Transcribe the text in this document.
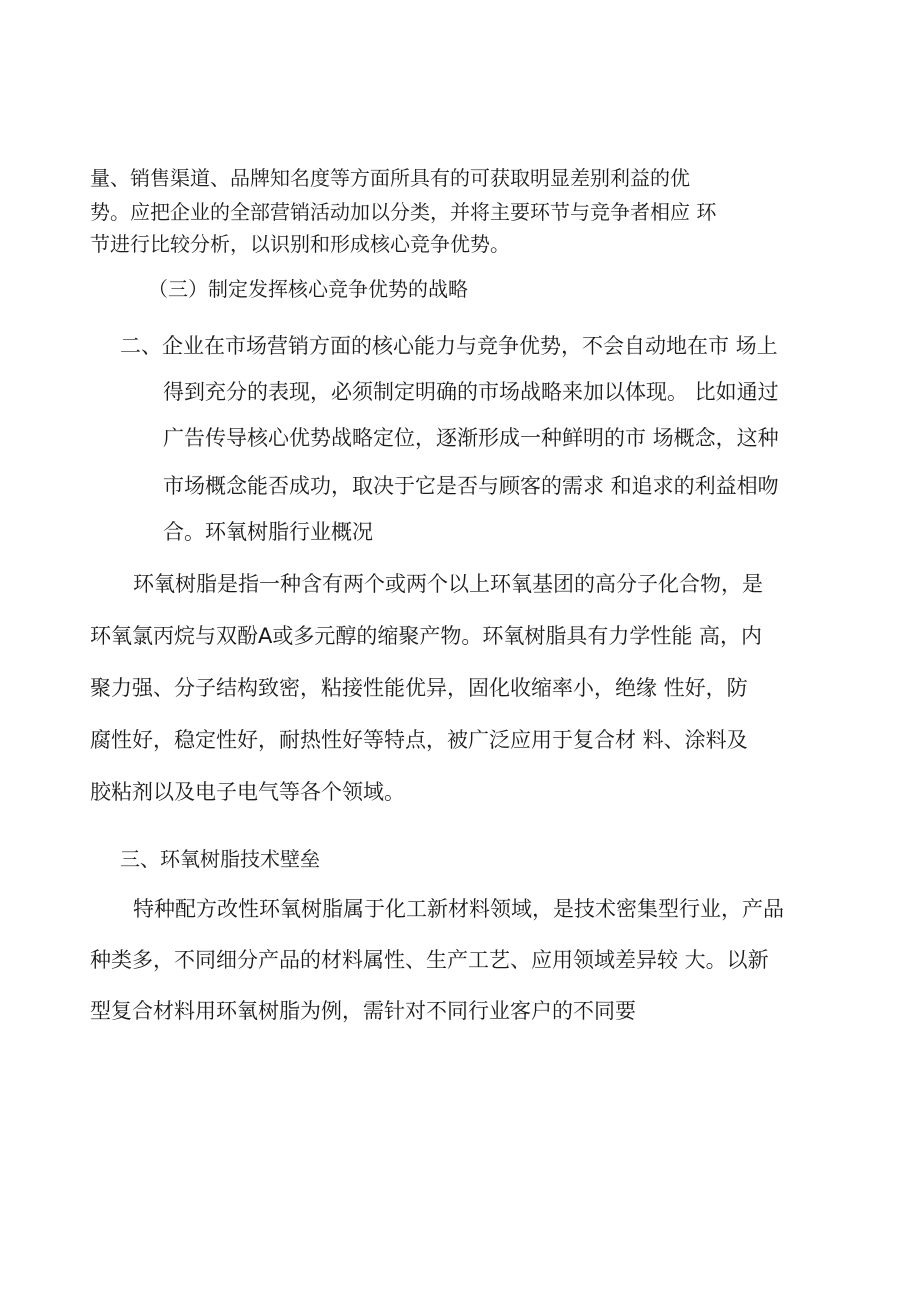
量、销售渠道、品牌知名度等方面所具有的可获取明显差别利益的优

势。应把企业的全部营销活动加以分类，并将主要环节与竞争者相应 环

节进行比较分析，以识别和形成核心竞争优势。

（三）制定发挥核心竞争优势的战略

二、企业在市场营销方面的核心能力与竞争优势，不会自动地在市 场上

得到充分的表现，必须制定明确的市场战略来加以体现。 比如通过

广告传导核心优势战略定位，逐渐形成一种鲜明的市 场概念，这种

市场概念能否成功，取决于它是否与顾客的需求 和追求的利益相吻

合。环氧树脂行业概况

环氧树脂是指一种含有两个或两个以上环氧基团的高分子化合物，是

环氧氯丙烷与双酚A或多元醇的缩聚产物。环氧树脂具有力学性能 高，内

聚力强、分子结构致密，粘接性能优异，固化收缩率小，绝缘 性好，防

腐性好，稳定性好，耐热性好等特点，被广泛应用于复合材 料、涂料及

胶粘剂以及电子电气等各个领域。

三、环氧树脂技术壁垒

特种配方改性环氧树脂属于化工新材料领域，是技术密集型行业，产品

种类多，不同细分产品的材料属性、生产工艺、应用领域差异较 大。以新

型复合材料用环氧树脂为例，需针对不同行业客户的不同要
